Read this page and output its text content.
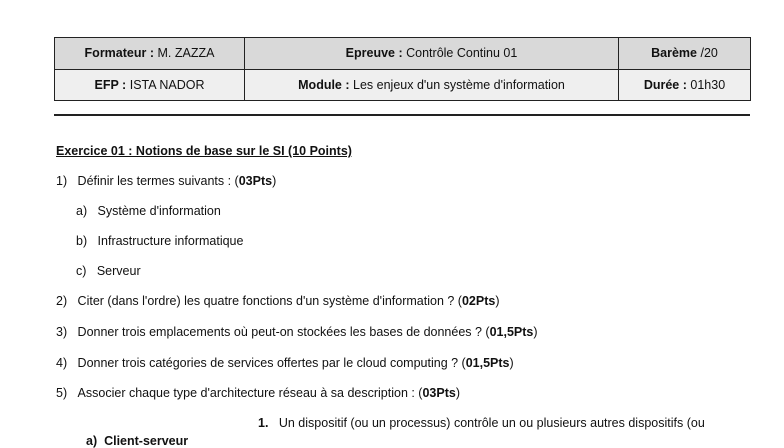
Formateur : M. ZAZZA	Epreuve : Contrôle Continu 01	Barème /20
EFP : ISTA NADOR	Module : Les enjeux d'un système d'information	Durée : 01h30
Exercice 01 : Notions de base sur le SI (10 Points)
1) Définir les termes suivants : (03Pts)
a) Système d'information
b) Infrastructure informatique
c) Serveur
2) Citer (dans l'ordre) les quatre fonctions d'un système d'information ? (02Pts)
3) Donner trois emplacements où peut-on stockées les bases de données ? (01,5Pts)
4) Donner trois catégories de services offertes par le cloud computing ? (01,5Pts)
5) Associer chaque type d'architecture réseau à sa description : (03Pts)
1. Un dispositif (ou un processus) contrôle un ou plusieurs autres dispositifs (ou
a) Client-serveur
